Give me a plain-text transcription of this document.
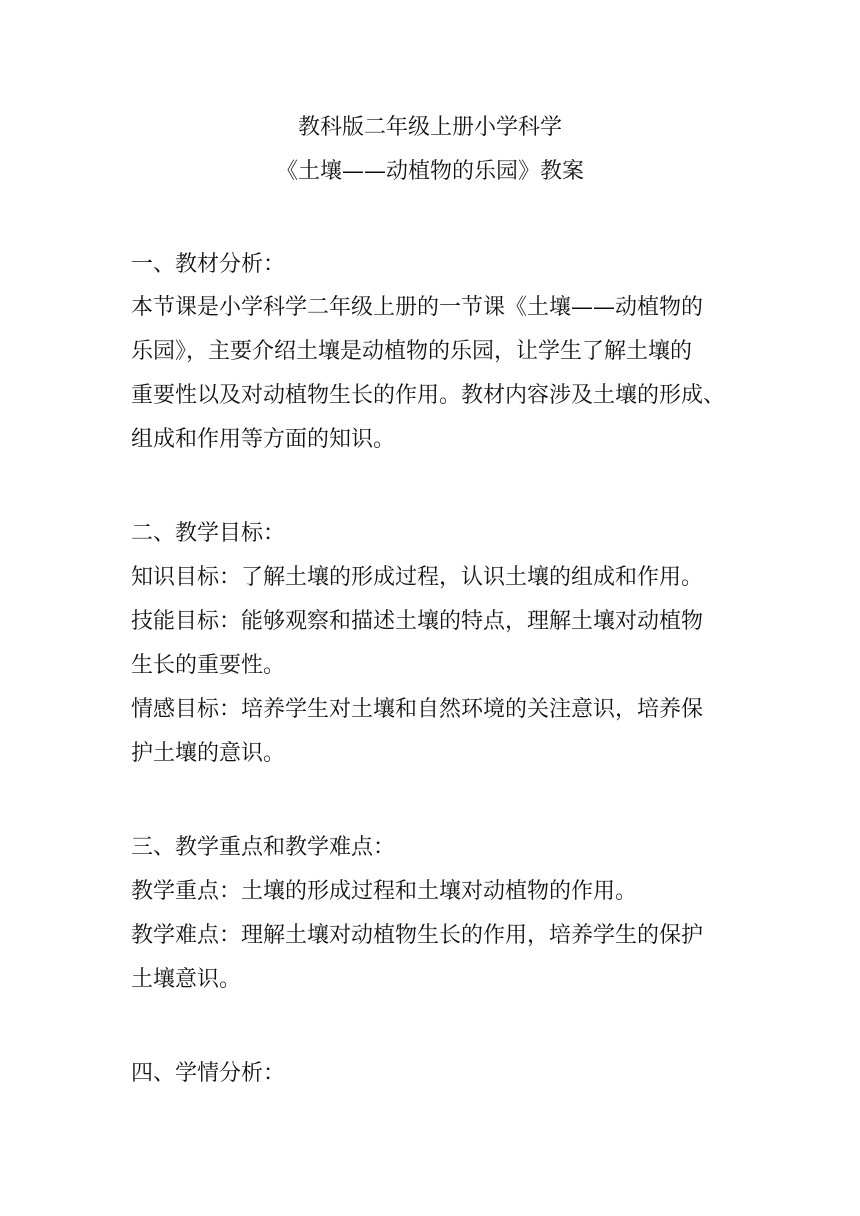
教科版二年级上册小学科学
《土壤——动植物的乐园》教案
一、教材分析：
本节课是小学科学二年级上册的一节课《土壤——动植物的
乐园》，主要介绍土壤是动植物的乐园，让学生了解土壤的
重要性以及对动植物生长的作用。教材内容涉及土壤的形成、
组成和作用等方面的知识。
二、教学目标：
知识目标：了解土壤的形成过程，认识土壤的组成和作用。
技能目标：能够观察和描述土壤的特点，理解土壤对动植物
生长的重要性。
情感目标：培养学生对土壤和自然环境的关注意识，培养保
护土壤的意识。
三、教学重点和教学难点：
教学重点：土壤的形成过程和土壤对动植物的作用。
教学难点：理解土壤对动植物生长的作用，培养学生的保护
土壤意识。
四、学情分析：
